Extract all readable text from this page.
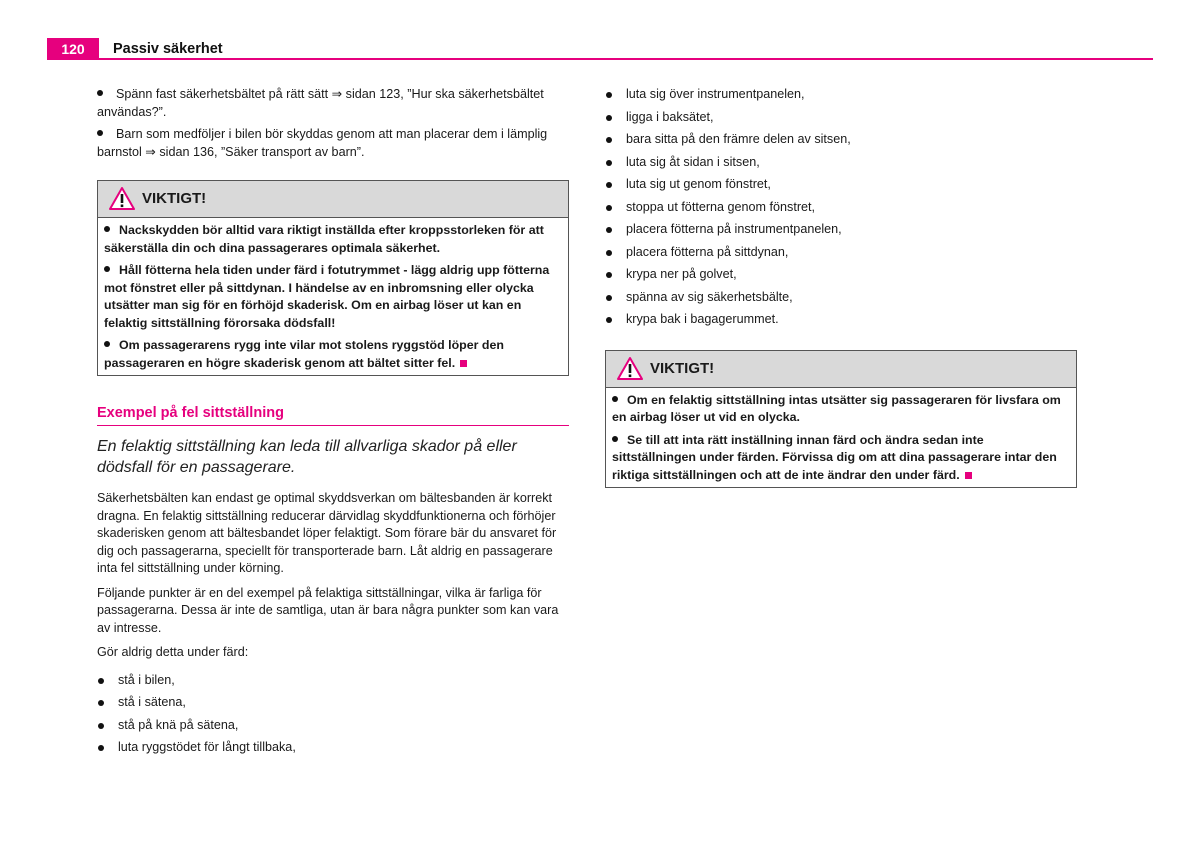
120	Passiv säkerhet
Spänn fast säkerhetsbältet på rätt sätt ⇒ sidan 123, ”Hur ska säkerhetsbältet användas?”.
Barn som medföljer i bilen bör skyddas genom att man placerar dem i lämplig barnstol ⇒ sidan 136, ”Säker transport av barn”.
VIKTIGT!
Nackskydden bör alltid vara riktigt inställda efter kroppsstorleken för att säkerställa din och dina passagerares optimala säkerhet.
Håll fötterna hela tiden under färd i fotutrymmet - lägg aldrig upp fötterna mot fönstret eller på sittdynan. I händelse av en inbromsning eller olycka utsätter man sig för en förhöjd skaderisk. Om en airbag löser ut kan en felaktig sittställning förorsaka dödsfall!
Om passagerarens rygg inte vilar mot stolens ryggstöd löper den passageraren en högre skaderisk genom att bältet sitter fel.
Exempel på fel sittställning

En felaktig sittställning kan leda till allvarliga skador på eller dödsfall för en passagerare.

Säkerhetsbälten kan endast ge optimal skyddsverkan om bältesbanden är korrekt dragna. En felaktig sittställning reducerar därvidlag skyddfunktionerna och förhöjer skaderisken genom att bältesbandet löper felaktigt. Som förare bär du ansvaret för dig och passagerarna, speciellt för transporterade barn. Låt aldrig en passagerare inta fel sittställning under körning.

Följande punkter är en del exempel på felaktiga sittställningar, vilka är farliga för passagerarna. Dessa är inte de samtliga, utan är bara några punkter som kan vara av intresse.

Gör aldrig detta under färd:

stå i bilen,
stå i sätena,
stå på knä på sätena,
luta ryggstödet för långt tillbaka,
luta sig över instrumentpanelen,
ligga i baksätet,
bara sitta på den främre delen av sitsen,
luta sig åt sidan i sitsen,
luta sig ut genom fönstret,
stoppa ut fötterna genom fönstret,
placera fötterna på instrumentpanelen,
placera fötterna på sittdynan,
krypa ner på golvet,
spänna av sig säkerhetsbälte,
krypa bak i bagagerummet.
VIKTIGT!
Om en felaktig sittställning intas utsätter sig passageraren för livsfara om en airbag löser ut vid en olycka.
Se till att inta rätt inställning innan färd och ändra sedan inte sittställningen under färden. Förvissa dig om att dina passagerare intar den riktiga sittställningen och att de inte ändrar den under färd.
